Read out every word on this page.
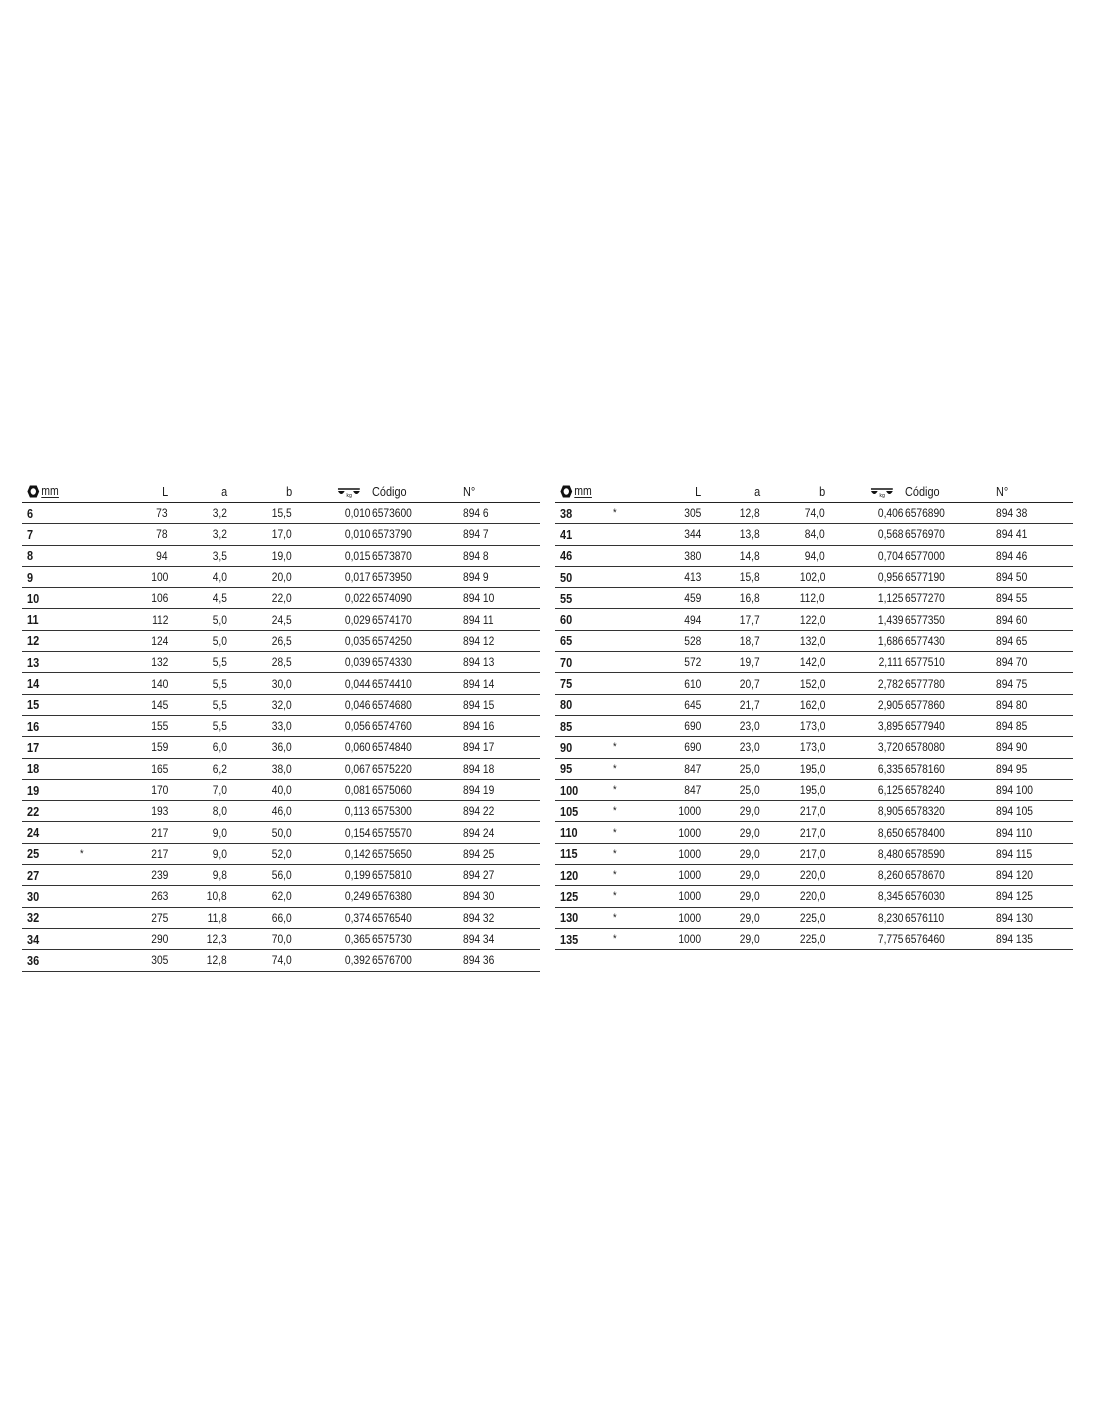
mm	L	a	b	kg Código	N°
6	73	3,2	15,5	0,010 6573600	894 6
7	78	3,2	17,0	0,010 6573790	894 7
8	94	3,5	19,0	0,015 6573870	894 8
9	100	4,0	20,0	0,017 6573950	894 9
10	106	4,5	22,0	0,022 6574090	894 10
11	112	5,0	24,5	0,029 6574170	894 11
12	124	5,0	26,5	0,035 6574250	894 12
13	132	5,5	28,5	0,039 6574330	894 13
14	140	5,5	30,0	0,044 6574410	894 14
15	145	5,5	32,0	0,046 6574680	894 15
16	155	5,5	33,0	0,056 6574760	894 16
17	159	6,0	36,0	0,060 6574840	894 17
18	165	6,2	38,0	0,067 6575220	894 18
19	170	7,0	40,0	0,081 6575060	894 19
22	193	8,0	46,0	0,113 6575300	894 22
24	217	9,0	50,0	0,154 6575570	894 24
25	*	217	9,0	52,0	0,142 6575650	894 25
27	239	9,8	56,0	0,199 6575810	894 27
30	263	10,8	62,0	0,249 6576380	894 30
32	275	11,8	66,0	0,374 6576540	894 32
34	290	12,3	70,0	0,365 6575730	894 34
36	305	12,8	74,0	0,392 6576700	894 36
mm	L	a	b	kg Código	N°
38	*	305	12,8	74,0	0,406 6576890	894 38
41	344	13,8	84,0	0,568 6576970	894 41
46	380	14,8	94,0	0,704 6577000	894 46
50	413	15,8	102,0	0,956 6577190	894 50
55	459	16,8	112,0	1,125 6577270	894 55
60	494	17,7	122,0	1,439 6577350	894 60
65	528	18,7	132,0	1,686 6577430	894 65
70	572	19,7	142,0	2,111 6577510	894 70
75	610	20,7	152,0	2,782 6577780	894 75
80	645	21,7	162,0	2,905 6577860	894 80
85	690	23,0	173,0	3,895 6577940	894 85
90	*	690	23,0	173,0	3,720 6578080	894 90
95	*	847	25,0	195,0	6,335 6578160	894 95
100	*	847	25,0	195,0	6,125 6578240	894 100
105	*	1000	29,0	217,0	8,905 6578320	894 105
110	*	1000	29,0	217,0	8,650 6578400	894 110
115	*	1000	29,0	217,0	8,480 6578590	894 115
120	*	1000	29,0	220,0	8,260 6578670	894 120
125	*	1000	29,0	220,0	8,345 6576030	894 125
130	*	1000	29,0	225,0	8,230 6576110	894 130
135	*	1000	29,0	225,0	7,775 6576460	894 135
